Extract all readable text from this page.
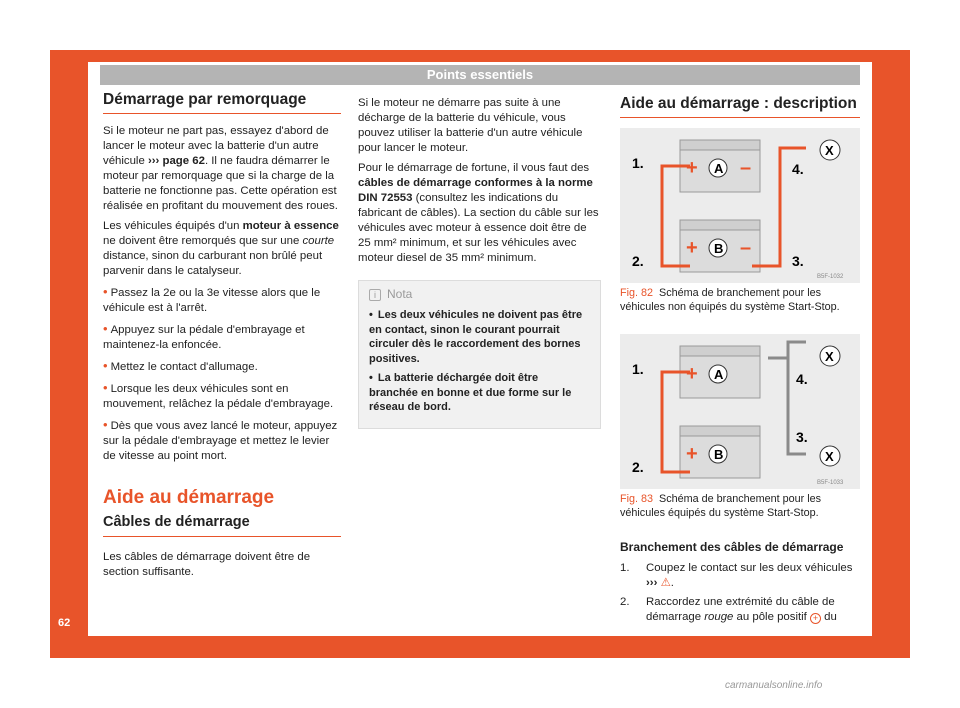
Points essentiels
62
Démarrage par remorquage

Si le moteur ne part pas, essayez d'abord de lancer le moteur avec la batterie d'un autre véhicule ››› page 62. Il ne faudra démarrer le moteur par remorquage que si la charge de la batterie ne fonctionne pas. Cette opération est réalisée en profitant du mouvement des roues.

Les véhicules équipés d'un moteur à essence ne doivent être remorqués que sur une courte distance, sinon du carburant non brûlé peut parvenir dans le catalyseur.

• Passez la 2e ou la 3e vitesse alors que le véhicule est à l'arrêt.

• Appuyez sur la pédale d'embrayage et maintenez-la enfoncée.

• Mettez le contact d'allumage.

• Lorsque les deux véhicules sont en mouvement, relâchez la pédale d'embrayage.

• Dès que vous avez lancé le moteur, appuyez sur la pédale d'embrayage et mettez le levier de vitesse au point mort.

Aide au démarrage
Câbles de démarrage

Les câbles de démarrage doivent être de section suffisante.

Si le moteur ne démarre pas suite à une décharge de la batterie du véhicule, vous pouvez utiliser la batterie d'un autre véhicule pour lancer le moteur.

Pour le démarrage de fortune, il vous faut des câbles de démarrage conformes à la norme DIN 72553 (consultez les indications du fabricant de câbles). La section du câble sur les véhicules avec moteur à essence doit être de 25 mm² minimum, et sur les véhicules avec moteur diesel de 35 mm² minimum.

i Nota

• Les deux véhicules ne doivent pas être en contact, sinon le courant pourrait circuler dès le raccordement des bornes positives.

• La batterie déchargée doit être branchée en bonne et due forme sur le réseau de bord.

Aide au démarrage : description
+ –
+ –
A
B
X
1.
2.	3.
4.
B5F-1032
Fig. 82 Schéma de branchement pour les véhicules non équipés du système Start-Stop.
+
+
A
B
X
X
1.
2.
3.
4.
B5F-1033
Fig. 83 Schéma de branchement pour les véhicules équipés du système Start-Stop.
Branchement des câbles de démarrage
1.	Coupez le contact sur les deux véhicules
››› ⚠.
2.	Raccordez une extrémité du câble de démarrage rouge au pôle positif + du
carmanualsonline.info
